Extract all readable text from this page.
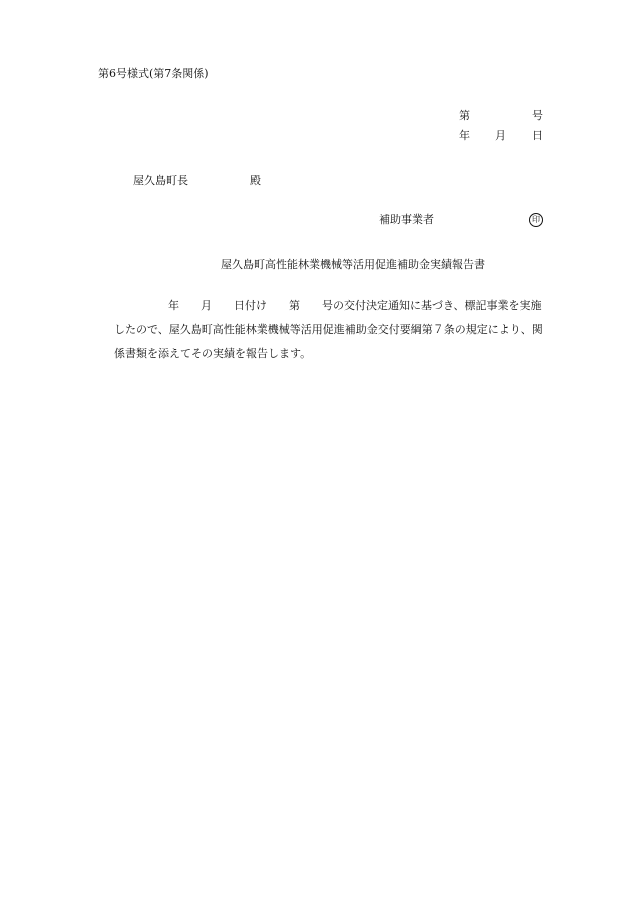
第6号様式(第7条関係)
第	号
年 月 日
屋久島町長	殿
補助事業者	印
屋久島町高性能林業機械等活用促進補助金実績報告書
年　　月　　日付け　　第　　号の交付決定通知に基づき、標記事業を実施
したので、屋久島町高性能林業機械等活用促進補助金交付要綱第７条の規定により、関
係書類を添えてその実績を報告します。
